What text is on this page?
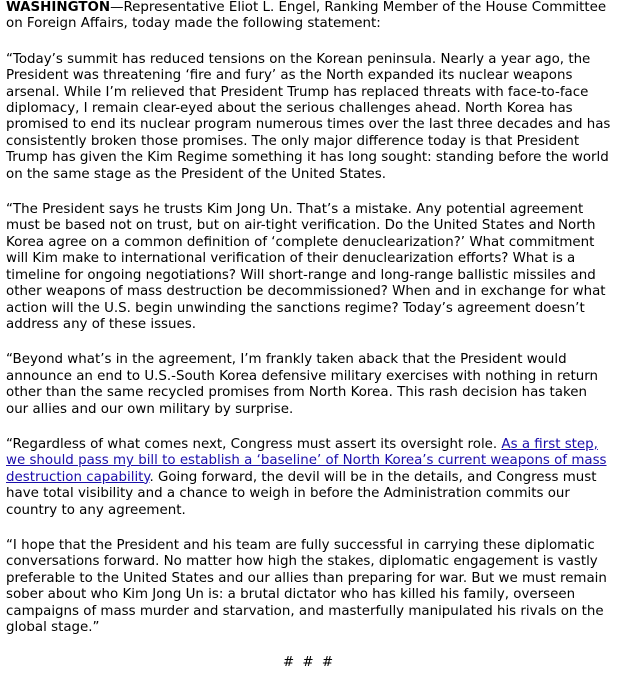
WASHINGTON—Representative Eliot L. Engel, Ranking Member of the House Committee on Foreign Affairs, today made the following statement:

“Today’s summit has reduced tensions on the Korean peninsula. Nearly a year ago, the President was threatening ‘fire and fury’ as the North expanded its nuclear weapons arsenal. While I’m relieved that President Trump has replaced threats with face-to-face diplomacy, I remain clear-eyed about the serious challenges ahead. North Korea has promised to end its nuclear program numerous times over the last three decades and has consistently broken those promises. The only major difference today is that President Trump has given the Kim Regime something it has long sought: standing before the world on the same stage as the President of the United States.

“The President says he trusts Kim Jong Un. That’s a mistake. Any potential agreement must be based not on trust, but on air-tight verification. Do the United States and North Korea agree on a common definition of ‘complete denuclearization?’ What commitment will Kim make to international verification of their denuclearization efforts? What is a timeline for ongoing negotiations? Will short-range and long-range ballistic missiles and other weapons of mass destruction be decommissioned? When and in exchange for what action will the U.S. begin unwinding the sanctions regime? Today’s agreement doesn’t address any of these issues.

“Beyond what’s in the agreement, I’m frankly taken aback that the President would announce an end to U.S.-South Korea defensive military exercises with nothing in return other than the same recycled promises from North Korea. This rash decision has taken our allies and our own military by surprise.

“Regardless of what comes next, Congress must assert its oversight role. As a first step, we should pass my bill to establish a ‘baseline’ of North Korea’s current weapons of mass destruction capability. Going forward, the devil will be in the details, and Congress must have total visibility and a chance to weigh in before the Administration commits our country to any agreement.

“I hope that the President and his team are fully successful in carrying these diplomatic conversations forward. No matter how high the stakes, diplomatic engagement is vastly preferable to the United States and our allies than preparing for war. But we must remain sober about who Kim Jong Un is: a brutal dictator who has killed his family, overseen campaigns of mass murder and starvation, and masterfully manipulated his rivals on the global stage.”

# # #
